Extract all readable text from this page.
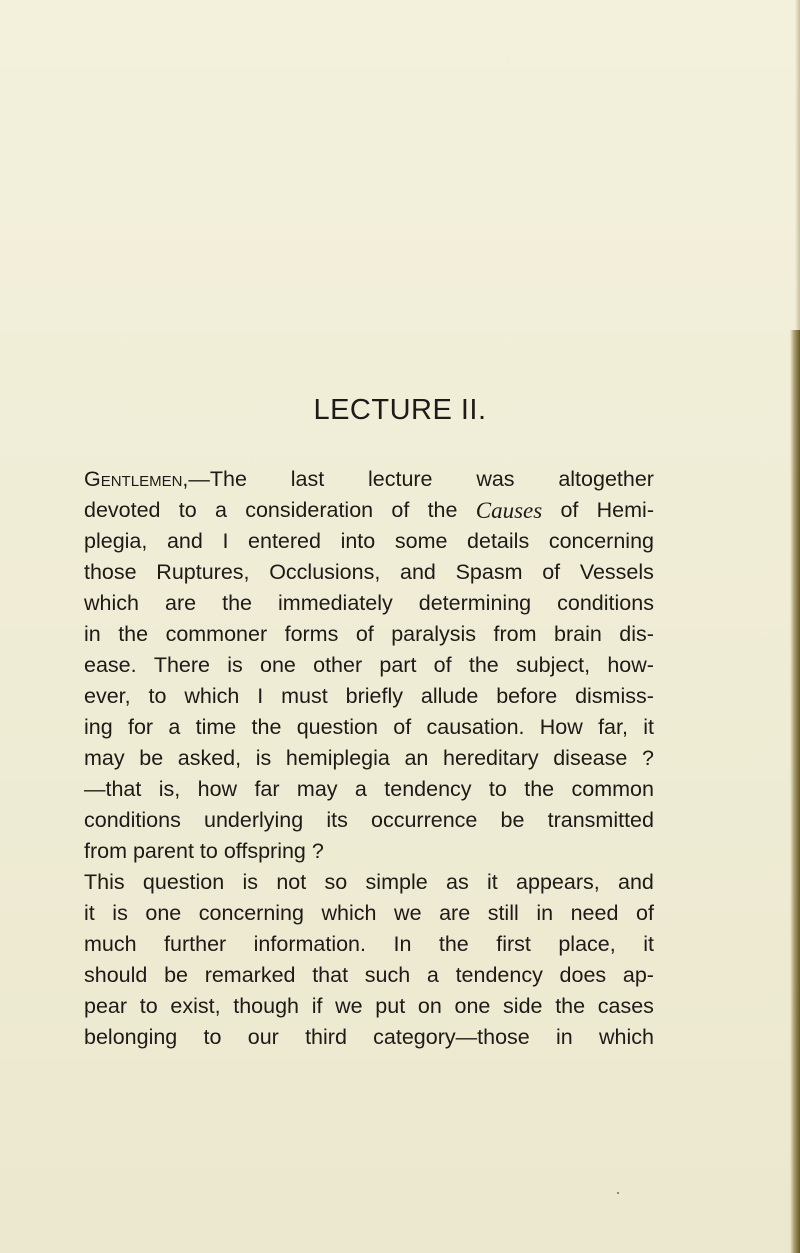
LECTURE II.
Gentlemen,—The last lecture was altogether
devoted to a consideration of the Causes of Hemi-
plegia, and I entered into some details concerning
those Ruptures, Occlusions, and Spasm of Vessels
which are the immediately determining conditions
in the commoner forms of paralysis from brain dis-
ease. There is one other part of the subject, how-
ever, to which I must briefly allude before dismiss-
ing for a time the question of causation. How far, it
may be asked, is hemiplegia an hereditary disease ?
—that is, how far may a tendency to the common
conditions underlying its occurrence be transmitted
from parent to offspring ?
This question is not so simple as it appears, and
it is one concerning which we are still in need of
much further information. In the first place, it
should be remarked that such a tendency does ap-
pear to exist, though if we put on one side the cases
belonging to our third category—those in which
